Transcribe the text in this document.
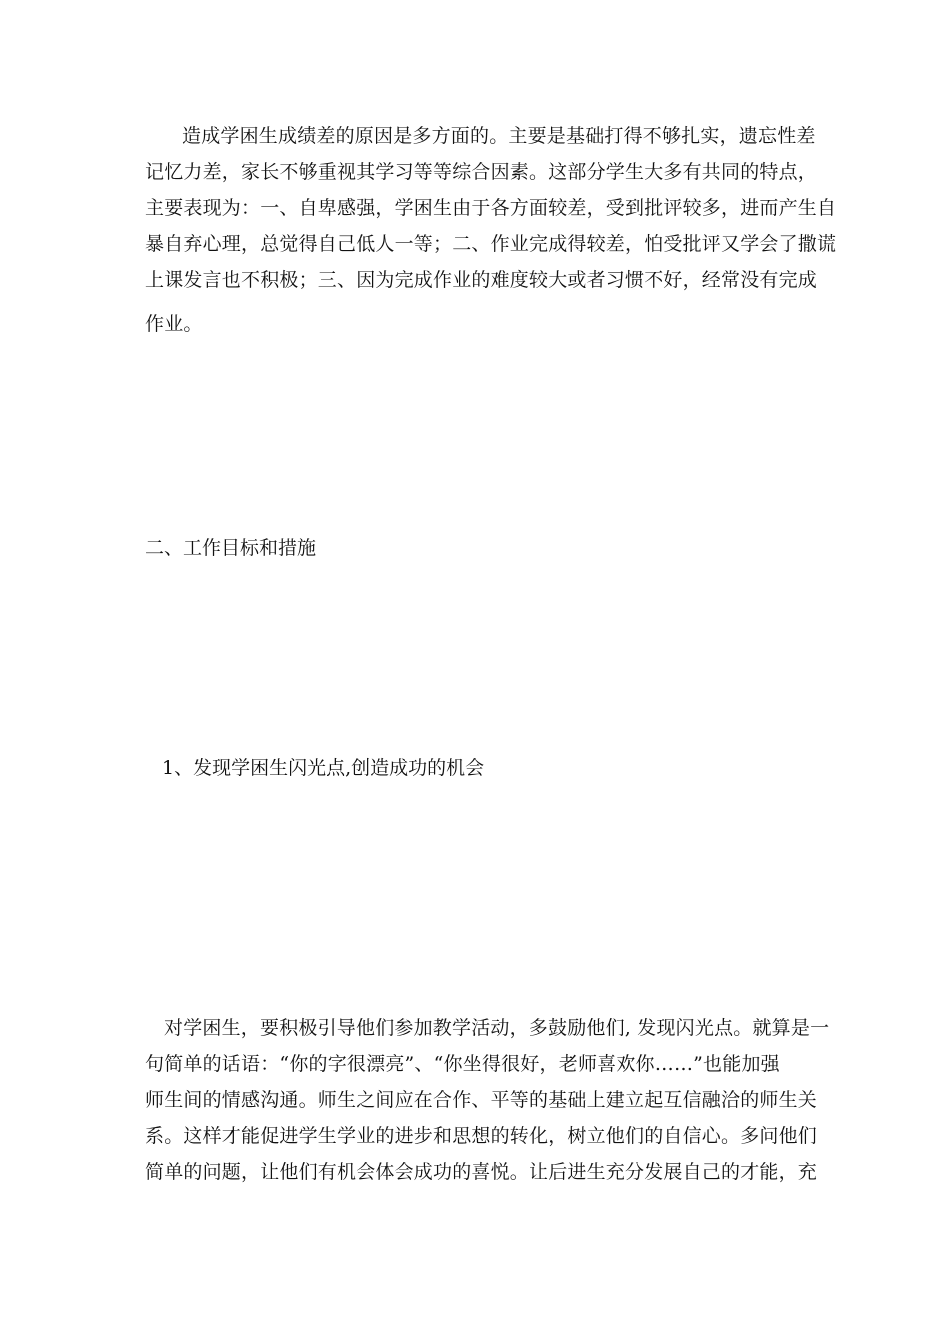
造成学困生成绩差的原因是多方面的。主要是基础打得不够扎实，遗忘性差
记忆力差，家长不够重视其学习等等综合因素。这部分学生大多有共同的特点，
主要表现为：一、自卑感强，学困生由于各方面较差，受到批评较多，进而产生自
暴自弃心理，总觉得自己低人一等；二、作业完成得较差，怕受批评又学会了撒谎
上课发言也不积极；三、因为完成作业的难度较大或者习惯不好，经常没有完成
作业。
二、工作目标和措施
1、发现学困生闪光点,创造成功的机会
对学困生，要积极引导他们参加教学活动，多鼓励他们, 发现闪光点。就算是一
句简单的话语：“你的字很漂亮”、“你坐得很好，老师喜欢你……”也能加强
师生间的情感沟通。师生之间应在合作、平等的基础上建立起互信融洽的师生关
系。这样才能促进学生学业的进步和思想的转化，树立他们的自信心。多问他们
简单的问题，让他们有机会体会成功的喜悦。让后进生充分发展自己的才能，充
